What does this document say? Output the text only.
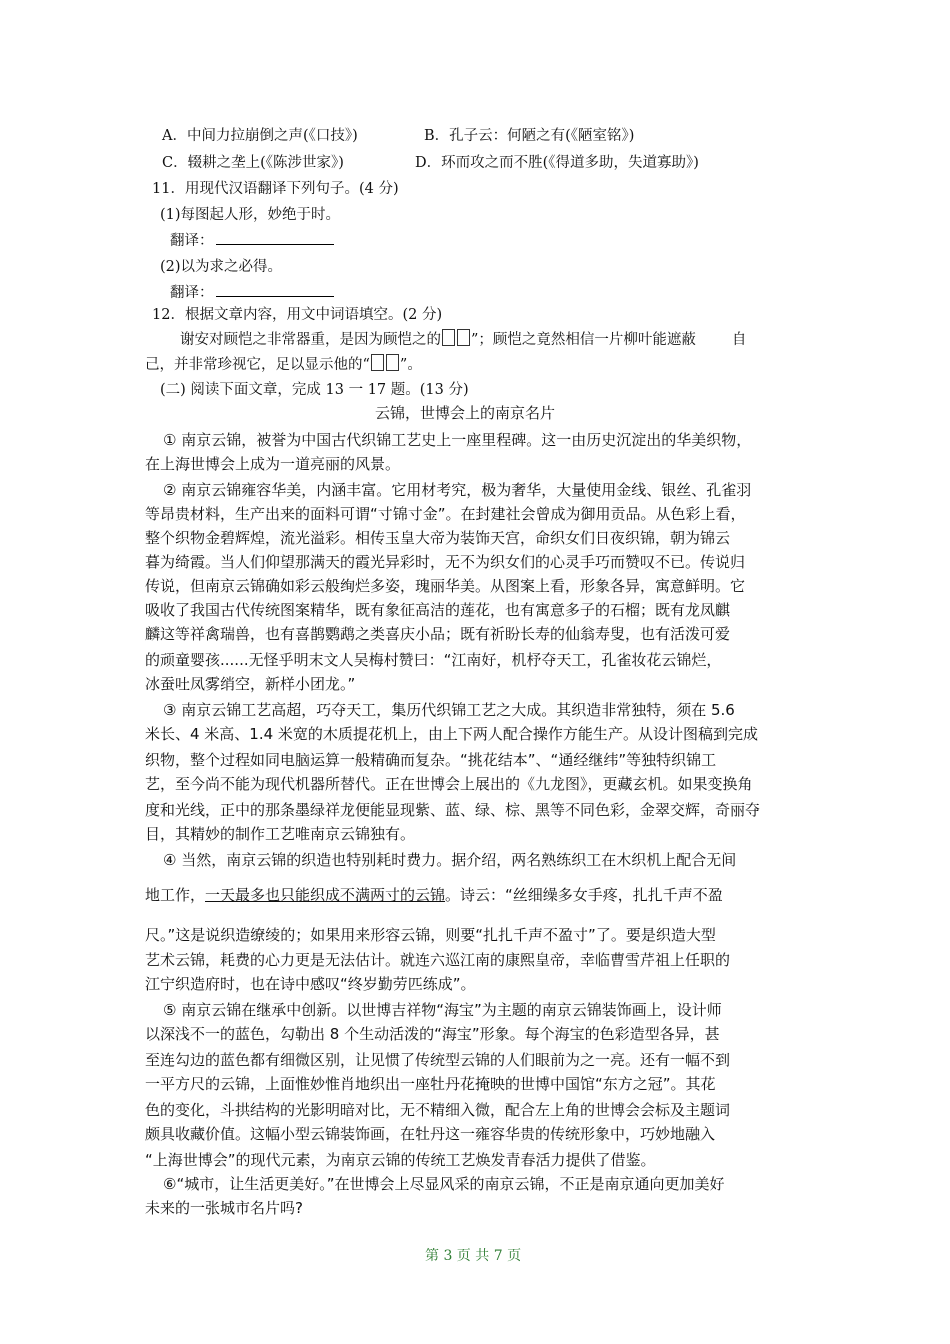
A．中间力拉崩倒之声(《口技》)	B．孔子云：何陋之有(《陋室铭》)
C．辍耕之垄上(《陈涉世家》)	D．环而攻之而不胜(《得道多助，失道寡助》)
11．用现代汉语翻译下列句子。(4 分)
(1)每图起人形，妙绝于时。
翻译：
(2)以为求之必得。
翻译：
12．根据文章内容，用文中词语填空。(2 分)
谢安对顾恺之非常器重，是因为顾恺之的 ”；顾恺之竟然相信一片柳叶能遮蔽 自
己，并非常珍视它，足以显示他的“ ”。
(二) 阅读下面文章，完成 13 一 17 题。(13 分)
云锦，世博会上的南京名片
① 南京云锦，被誉为中国古代织锦工艺史上一座里程碑。这一由历史沉淀出的华美织物，
在上海世博会上成为一道亮丽的风景。
② 南京云锦雍容华美，内涵丰富。它用材考究，极为奢华，大量使用金线、银丝、孔雀羽
等昂贵材料，生产出来的面料可谓“寸锦寸金”。在封建社会曾成为御用贡品。从色彩上看，
整个织物金碧辉煌，流光溢彩。相传玉皇大帝为装饰天宫，命织女们日夜织锦，朝为锦云
暮为绮霞。当人们仰望那满天的霞光异彩时，无不为织女们的心灵手巧而赞叹不已。传说归
传说，但南京云锦确如彩云般绚烂多姿，瑰丽华美。从图案上看，形象各异，寓意鲜明。它
吸收了我国古代传统图案精华，既有象征高洁的莲花，也有寓意多子的石榴；既有龙凤麒
麟这等祥禽瑞兽，也有喜鹊鹦鹉之类喜庆小品；既有祈盼长寿的仙翁寿叟，也有活泼可爱
的顽童婴孩......无怪乎明末文人吴梅村赞曰：“江南好，机杼夺天工，孔雀妆花云锦烂，
冰蚕吐凤雾绡空，新样小团龙。”
③ 南京云锦工艺高超，巧夺天工，集历代织锦工艺之大成。其织造非常独特，须在 5.6
米长、4 米高、1.4 米宽的木质提花机上，由上下两人配合操作方能生产。从设计图稿到完成
织物，整个过程如同电脑运算一般精确而复杂。“挑花结本”、“通经继纬”等独特织锦工
艺，至今尚不能为现代机器所替代。正在世博会上展出的《九龙图》，更藏玄机。如果变换角
度和光线，正中的那条墨绿祥龙便能显现紫、蓝、绿、棕、黑等不同色彩，金翠交辉，奇丽夺
目，其精妙的制作工艺唯南京云锦独有。
④ 当然，南京云锦的织造也特别耗时费力。据介绍，两名熟练织工在木织机上配合无间
地工作，一天最多也只能织成不满两寸的云锦。诗云：“丝细缲多女手疼，扎扎千声不盈
尺。”这是说织造缭绫的；如果用来形容云锦，则要“扎扎千声不盈寸”了。要是织造大型
艺术云锦，耗费的心力更是无法估计。就连六巡江南的康熙皇帝，幸临曹雪芹祖上任职的
江宁织造府时，也在诗中感叹“终岁勤劳匹练成”。
⑤ 南京云锦在继承中创新。以世博吉祥物“海宝”为主题的南京云锦装饰画上，设计师
以深浅不一的蓝色，勾勒出 8 个生动活泼的“海宝”形象。每个海宝的色彩造型各异，甚
至连勾边的蓝色都有细微区别，让见惯了传统型云锦的人们眼前为之一亮。还有一幅不到
一平方尺的云锦，上面惟妙惟肖地织出一座牡丹花掩映的世博中国馆“东方之冠”。其花
色的变化，斗拱结构的光影明暗对比，无不精细入微，配合左上角的世博会会标及主题词
颇具收藏价值。这幅小型云锦装饰画，在牡丹这一雍容华贵的传统形象中，巧妙地融入
“上海世博会”的现代元素，为南京云锦的传统工艺焕发青春活力提供了借鉴。
⑥“城市，让生活更美好。”在世博会上尽显风采的南京云锦，不正是南京通向更加美好
未来的一张城市名片吗?
第 3 页 共 7 页
